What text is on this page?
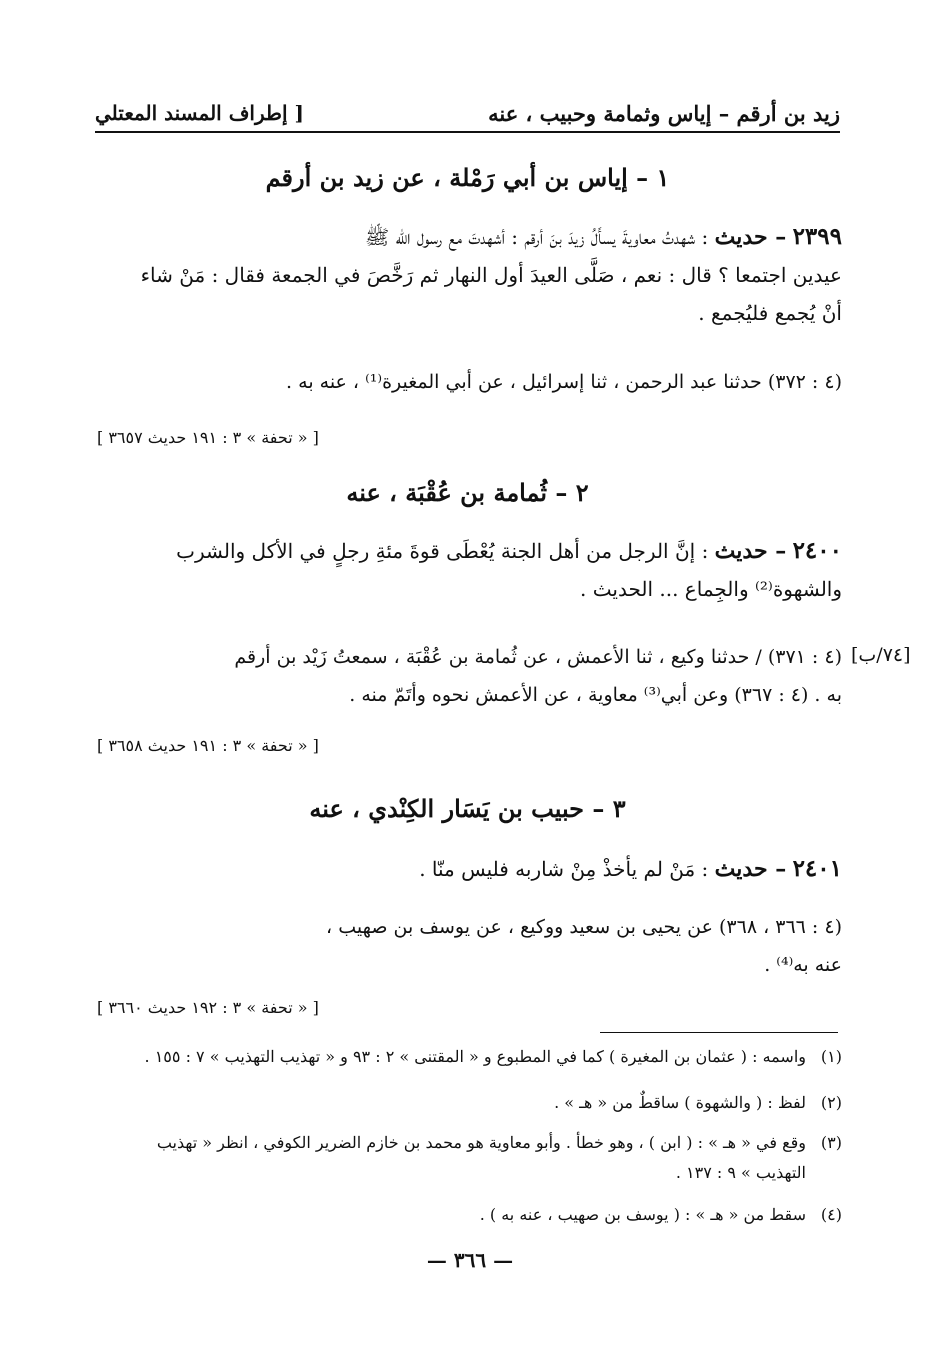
زيد بن أرقم – إياس وثمامة وحبيب ، عنه
[ إطراف المسند المعتلي
١ – إياس بن أبي رَمْلة ، عن زيد بن أرقم
٢٣٩٩ – حديث : شهدتُ معاويةَ يسأَلُ زيدَ بنَ أرقم : أشهدتَ مع رسول الله ﷺ
عيدين اجتمعا ؟ قال : نعم ، صَلَّى العيدَ أول النهار ثم رَخَّصَ في الجمعة فقال : مَنْ شاء
أنْ يُجمع فليُجمع .
(٤ : ٣٧٢) حدثنا عبد الرحمن ، ثنا إسرائيل ، عن أبي المغيرة⁽¹⁾ ، عنه به .
[ « تحفة » ٣ : ١٩١ حديث ٣٦٥٧ ]
٢ – ثُمامة بن عُقْبَة ، عنه
٢٤٠٠ – حديث : إنَّ الرجل من أهل الجنة يُعْطَى قوةَ مئةِ رجلٍ في الأكل والشرب
والشهوة⁽²⁾ والجِماع ... الحديث .
(٤ : ٣٧١) / حدثنا وكيع ، ثنا الأعمش ، عن ثُمامة بن عُقْبَة ، سمعتُ زَيْد بن أرقم
به . (٤ : ٣٦٧) وعن أبي⁽³⁾ معاوية ، عن الأعمش نحوه وأتَمّ منه .
[٧٤/ب]
[ « تحفة » ٣ : ١٩١ حديث ٣٦٥٨ ]
٣ – حبيب بن يَسَار الكِنْدي ، عنه
٢٤٠١ – حديث : مَنْ لم يأخذْ مِنْ شاربه فليس منّا .
(٤ : ٣٦٦ ، ٣٦٨) عن يحيى بن سعيد ووكيع ، عن يوسف بن صهيب ،
عنه به⁽⁴⁾ .
[ « تحفة » ٣ : ١٩٢ حديث ٣٦٦٠ ]
(١)
واسمه : ( عثمان بن المغيرة ) كما في المطبوع و « المقتنى » ٢ : ٩٣ و « تهذيب التهذيب » ٧ : ١٥٥ .
(٢)
لفظ : ( والشهوة ) ساقطٌ من « هـ » .
(٣)
وقع في « هـ » : ( ابن ) ، وهو خطأ . وأبو معاوية هو محمد بن خازم الضرير الكوفي ، انظر « تهذيب
التهذيب » ٩ : ١٣٧ .
(٤)
سقط من « هـ » : ( يوسف بن صهيب ، عنه به ) .
— ٣٦٦ —
